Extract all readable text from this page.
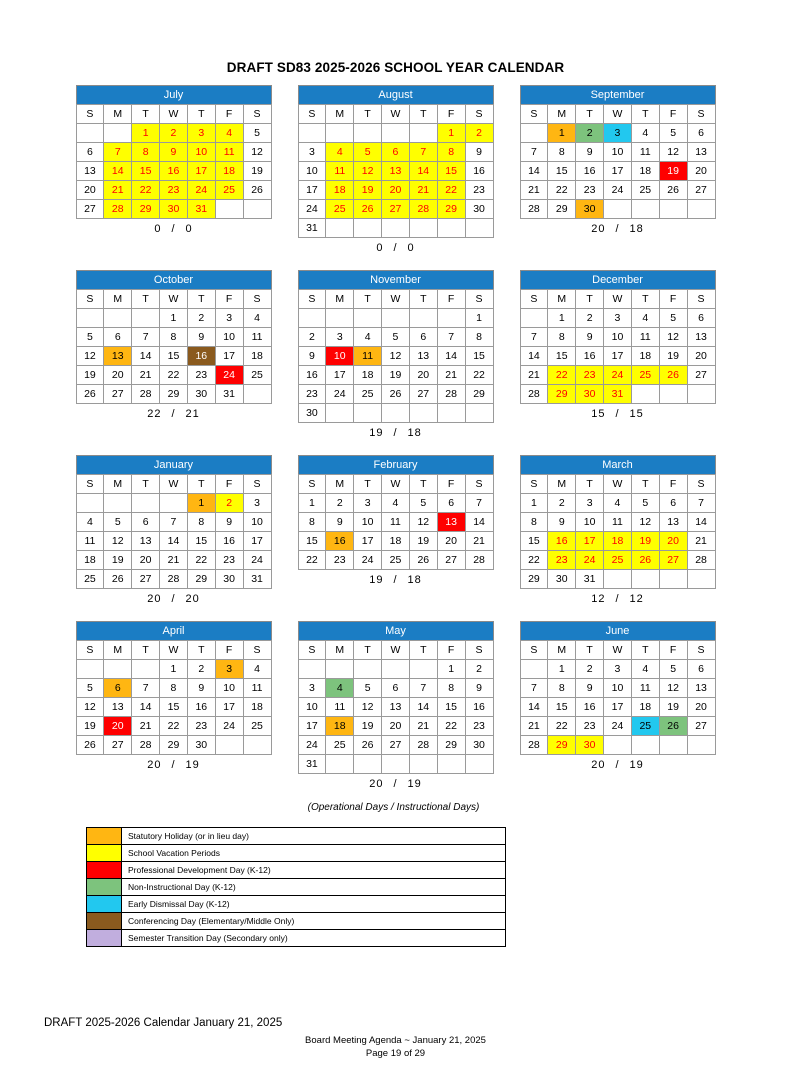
DRAFT SD83 2025-2026 SCHOOL YEAR CALENDAR
July
S	M	T	W	T	F	S
		1	2	3	4	5
6	7	8	9	10	11	12
13	14	15	16	17	18	19
20	21	22	23	24	25	26
27	28	29	30	31		
0 / 0
August
S	M	T	W	T	F	S
					1	2
3	4	5	6	7	8	9
10	11	12	13	14	15	16
17	18	19	20	21	22	23
24	25	26	27	28	29	30
31						
0 / 0
September
S	M	T	W	T	F	S
	1	2	3	4	5	6
7	8	9	10	11	12	13
14	15	16	17	18	19	20
21	22	23	24	25	26	27
28	29	30				
20 / 18
October
S	M	T	W	T	F	S
			1	2	3	4
5	6	7	8	9	10	11
12	13	14	15	16	17	18
19	20	21	22	23	24	25
26	27	28	29	30	31	
22 / 21
November
S	M	T	W	T	F	S
						1
2	3	4	5	6	7	8
9	10	11	12	13	14	15
16	17	18	19	20	21	22
23	24	25	26	27	28	29
30						
19 / 18
December
S	M	T	W	T	F	S
	1	2	3	4	5	6
7	8	9	10	11	12	13
14	15	16	17	18	19	20
21	22	23	24	25	26	27
28	29	30	31			
15 / 15
January
S	M	T	W	T	F	S
				1	2	3
4	5	6	7	8	9	10
11	12	13	14	15	16	17
18	19	20	21	22	23	24
25	26	27	28	29	30	31
20 / 20
February
S	M	T	W	T	F	S
1	2	3	4	5	6	7
8	9	10	11	12	13	14
15	16	17	18	19	20	21
22	23	24	25	26	27	28
19 / 18
March
S	M	T	W	T	F	S
1	2	3	4	5	6	7
8	9	10	11	12	13	14
15	16	17	18	19	20	21
22	23	24	25	26	27	28
29	30	31				
12 / 12
April
S	M	T	W	T	F	S
			1	2	3	4
5	6	7	8	9	10	11
12	13	14	15	16	17	18
19	20	21	22	23	24	25
26	27	28	29	30		
20 / 19
May
S	M	T	W	T	F	S
					1	2
3	4	5	6	7	8	9
10	11	12	13	14	15	16
17	18	19	20	21	22	23
24	25	26	27	28	29	30
31						
20 / 19
June
S	M	T	W	T	F	S
	1	2	3	4	5	6
7	8	9	10	11	12	13
14	15	16	17	18	19	20
21	22	23	24	25	26	27
28	29	30				
20 / 19
(Operational Days / Instructional Days)
Statutory Holiday (or in lieu day)
School Vacation Periods
Professional Development Day (K-12)
Non-Instructional Day (K-12)
Early Dismissal Day (K-12)
Conferencing Day (Elementary/Middle Only)
Semester Transition Day (Secondary only)
DRAFT 2025-2026 Calendar January 21, 2025
Board Meeting Agenda ~ January 21, 2025
Page 19 of 29
